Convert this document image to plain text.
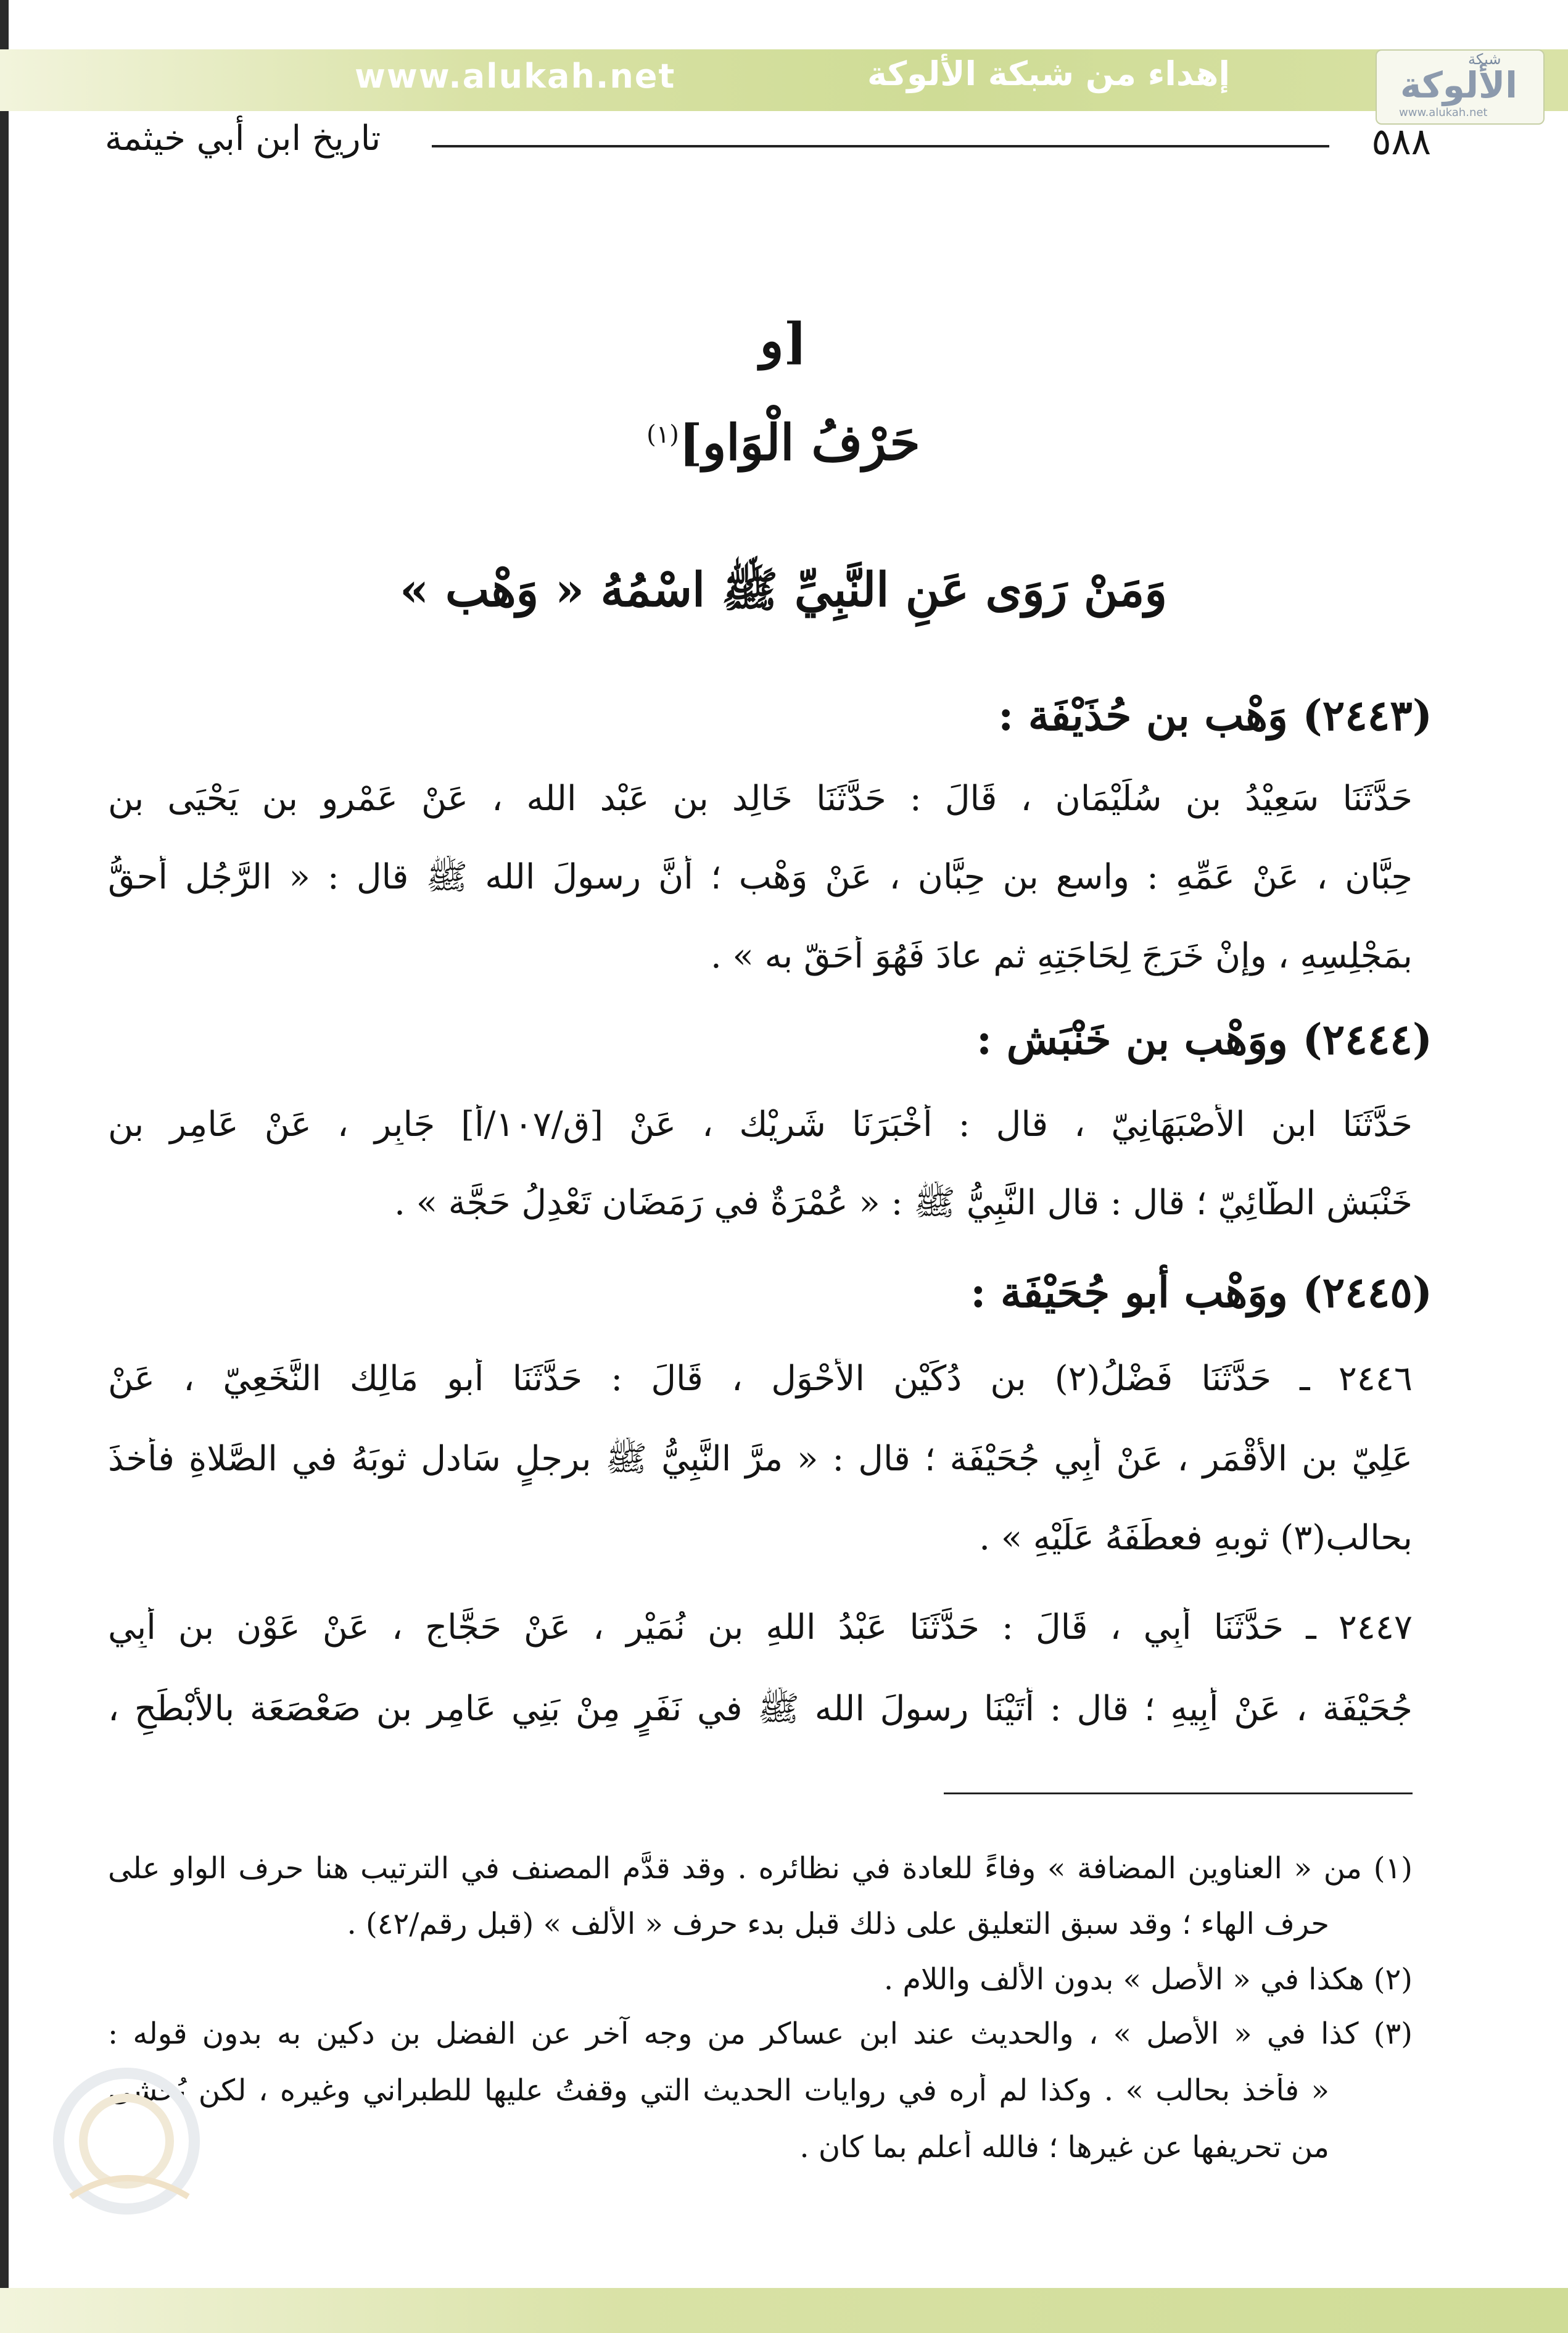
www.alukah.net	إهداء من شبكة الألوكة	شبكة
الألوكة
www.alukah.net
٥٨٨
تاريخ ابن أبي خيثمة
[و
حَرْفُ الْوَاو]$^{(١)}$
وَمَنْ رَوَى عَنِ النَّبِيِّ ﷺ اسْمُهُ « وَهْب »
(٢٤٤٣) وَهْب بن حُذَيْفَة :
حَدَّثَنَا سَعِيْدُ بن سُلَيْمَان ، قَالَ : حَدَّثَنَا خَالِد بن عَبْد الله ، عَنْ عَمْرو بن يَحْيَى بن
حِبَّان ، عَنْ عَمِّهِ : واسع بن حِبَّان ، عَنْ وَهْب ؛ أَنَّ رسولَ الله ﷺ قال : « الرَّجُل أحقُّ
بمَجْلِسِهِ ، وإِنْ خَرَجَ لِحَاجَتِهِ ثم عادَ فَهُوَ أَحَقّ به » .
(٢٤٤٤) ووَهْب بن خَنْبَش :
حَدَّثَنَا ابن الأَصْبَهَانِيّ ، قال : أَخْبَرَنَا شَرِيْك ، عَنْ [ق/١٠٧/أ] جَابِر ، عَنْ عَامِر بن
خَنْبَش الطَّائِيّ ؛ قال : قال النَّبِيُّ ﷺ : « عُمْرَةٌ في رَمَضَان تَعْدِلُ حَجَّة » .
(٢٤٤٥) ووَهْب أبو جُحَيْفَة :
٢٤٤٦ ـ حَدَّثَنَا فَضْلُ(٢) بن دُكَيْن الأَحْوَل ، قَالَ : حَدَّثَنَا أبو مَالِك النَّخَعِيّ ، عَنْ
عَلِيّ بن الأَقْمَر ، عَنْ أَبِي جُحَيْفَة ؛ قال : « مرَّ النَّبِيُّ ﷺ برجلٍ سَادل ثوبَهُ في الصَّلاةِ فأخذَ
بحالب(٣) ثوبهِ فعطَفَهُ عَلَيْهِ » .
٢٤٤٧ ـ حَدَّثَنَا أَبِي ، قَالَ : حَدَّثَنَا عَبْدُ اللهِ بن نُمَيْر ، عَنْ حَجَّاج ، عَنْ عَوْن بن أَبِي
جُحَيْفَة ، عَنْ أَبِيهِ ؛ قال : أَتَيْنَا رسولَ الله ﷺ في نَفَرٍ مِنْ بَنِي عَامِر بن صَعْصَعَة بالأَبْطَحِ ،
(١) من « العناوين المضافة » وفاءً للعادة في نظائره . وقد قدَّم المصنف في الترتيب هنا حرف الواو على
حرف الهاء ؛ وقد سبق التعليق على ذلك قبل بدء حرف « الألف » (قبل رقم/٤٢) .
(٢) هكذا في « الأصل » بدون الألف واللام .
(٣) كذا في « الأصل » ، والحديث عند ابن عساكر من وجه آخر عن الفضل بن دكين به بدون قوله :
« فأخذ بحالب » . وكذا لم أره في روايات الحديث التي وقفتُ عليها للطبراني وغيره ، لكن يُخشى
من تحريفها عن غيرها ؛ فالله أعلم بما كان .
